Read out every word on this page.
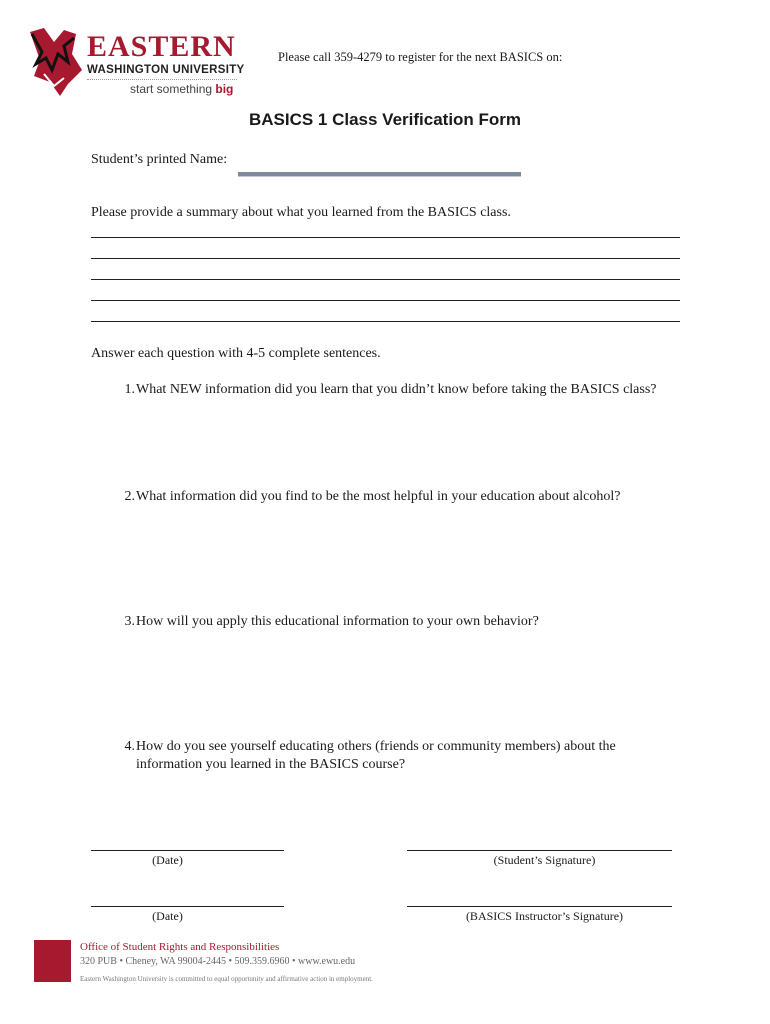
EASTERN
WASHINGTON UNIVERSITY
start something big
Please call 359-4279 to register for the next BASICS on:
BASICS 1 Class Verification Form
Student’s printed Name:
Please provide a summary about what you learned from the BASICS class.
Answer each question with 4-5 complete sentences.
1. What NEW information did you learn that you didn’t know before taking the BASICS class?
2. What information did you find to be the most helpful in your education about alcohol?
3. How will you apply this educational information to your own behavior?
4. How do you see yourself educating others (friends or community members) about the information you learned in the BASICS course?
(Date)	(Student’s Signature)
(Date)	(BASICS Instructor’s Signature)
Office of Student Rights and Responsibilities
320 PUB • Cheney, WA 99004-2445 • 509.359.6960 • www.ewu.edu
Eastern Washington University is committed to equal opportunity and affirmative action in employment.
